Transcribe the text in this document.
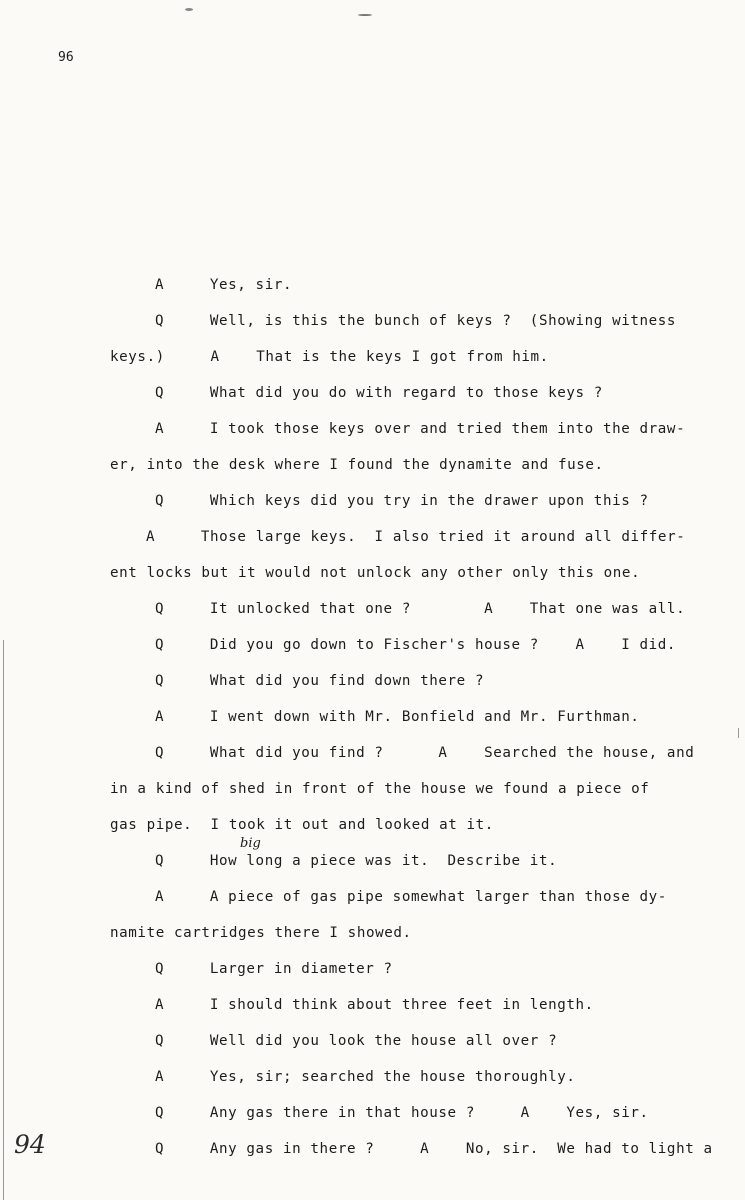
96
A     Yes, sir.
Q     Well, is this the bunch of keys ?  (Showing witness
keys.)     A    That is the keys I got from him.
Q     What did you do with regard to those keys ?
A     I took those keys over and tried them into the draw-
er, into the desk where I found the dynamite and fuse.
Q     Which keys did you try in the drawer upon this ?
A     Those large keys.  I also tried it around all differ-
ent locks but it would not unlock any other only this one.
Q     It unlocked that one ?        A    That one was all.
Q     Did you go down to Fischer's house ?    A    I did.
Q     What did you find down there ?
A     I went down with Mr. Bonfield and Mr. Furthman.
Q     What did you find ?      A    Searched the house, and
in a kind of shed in front of the house we found a piece of
gas pipe.  I took it out and looked at it.
Q     How long a piece was it.  Describe it.
A     A piece of gas pipe somewhat larger than those dy-
namite cartridges there I showed.
Q     Larger in diameter ?
A     I should think about three feet in length.
Q     Well did you look the house all over ?
A     Yes, sir; searched the house thoroughly.
Q     Any gas there in that house ?     A    Yes, sir.
Q     Any gas in there ?     A    No, sir.  We had to light a
big
94
